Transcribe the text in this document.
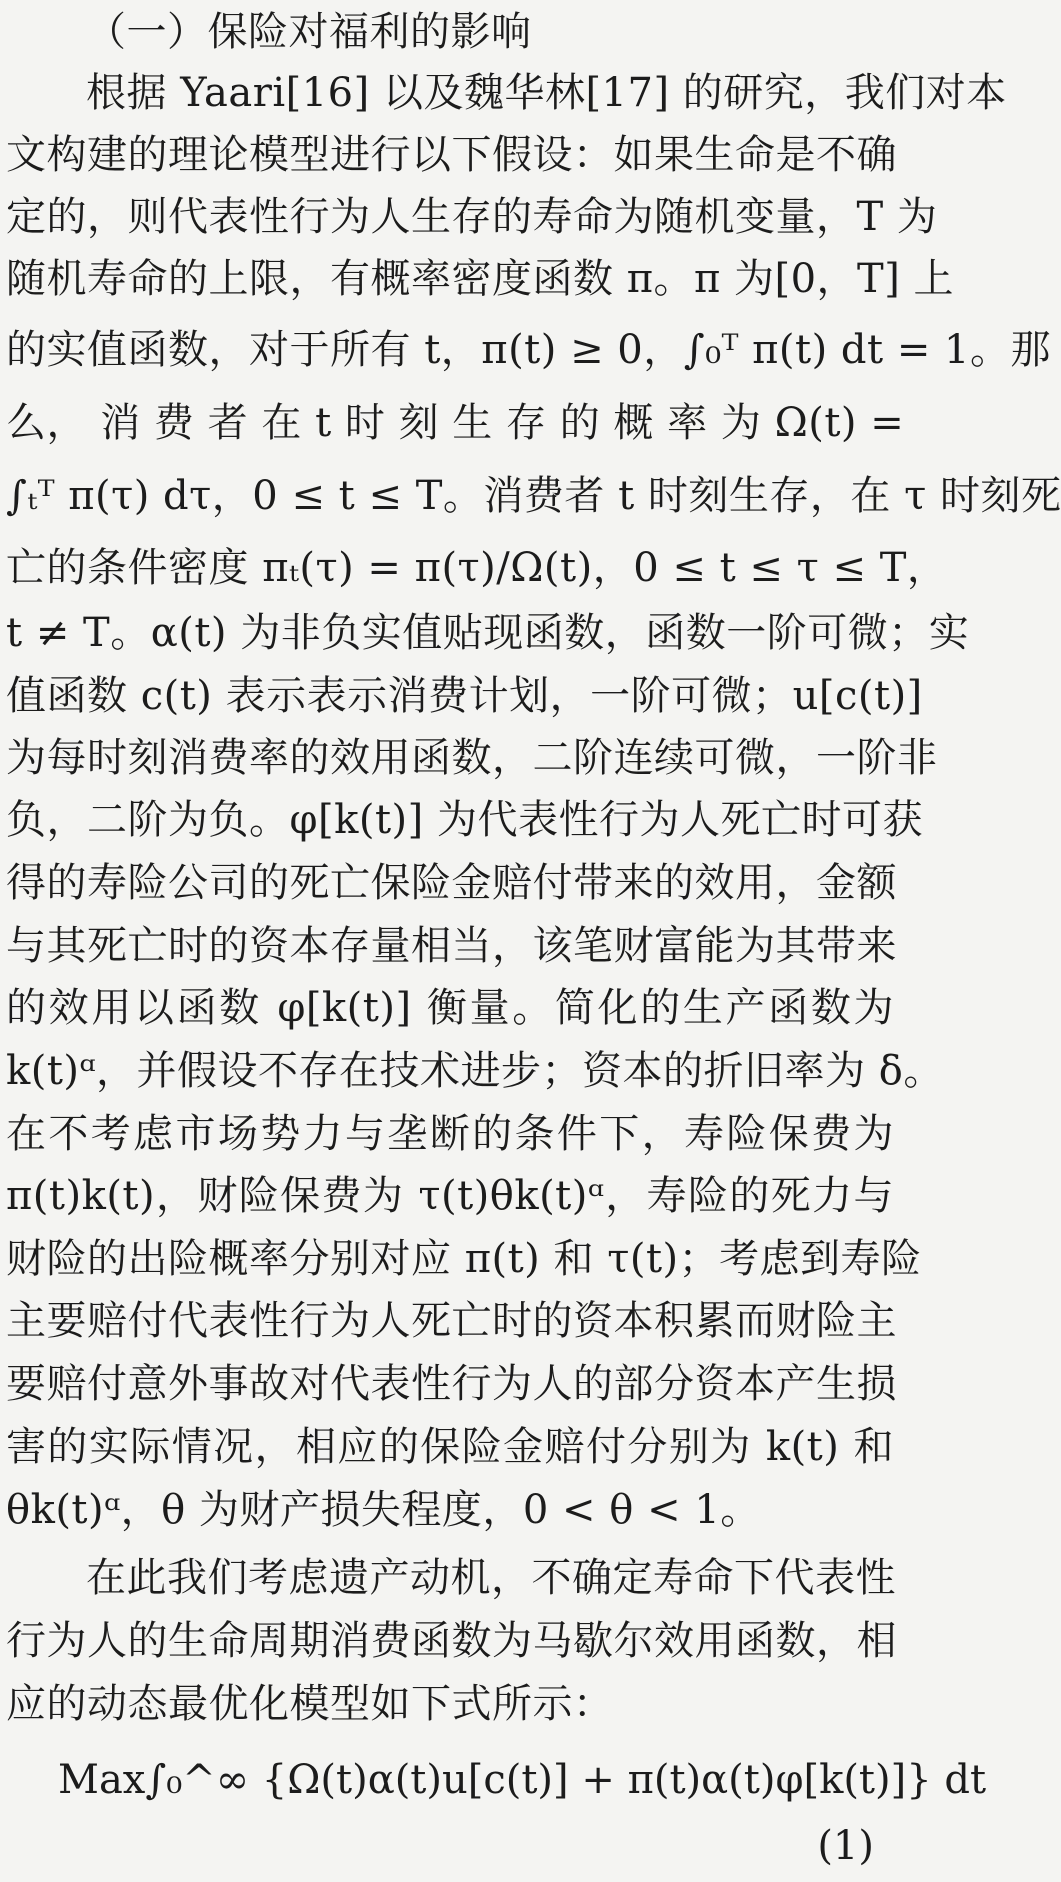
（一）保险对福利的影响
根据 Yaari[16] 以及魏华林[17] 的研究，我们对本
文构建的理论模型进行以下假设：如果生命是不确
定的，则代表性行为人生存的寿命为随机变量，T 为
随机寿命的上限，有概率密度函数 π。π 为[0，T] 上
的实值函数，对于所有 t，π(t) ≥ 0，∫₀ᵀ π(t) dt = 1。那
么， 消 费 者 在 t 时 刻 生 存 的 概 率 为 Ω(t) =
∫ₜᵀ π(τ) dτ，0 ≤ t ≤ T。消费者 t 时刻生存，在 τ 时刻死
亡的条件密度 πₜ(τ) = π(τ)/Ω(t)，0 ≤ t ≤ τ ≤ T，
t ≠ T。α(t) 为非负实值贴现函数，函数一阶可微；实
值函数 c(t) 表示表示消费计划，一阶可微；u[c(t)]
为每时刻消费率的效用函数，二阶连续可微，一阶非
负，二阶为负。φ[k(t)] 为代表性行为人死亡时可获
得的寿险公司的死亡保险金赔付带来的效用，金额
与其死亡时的资本存量相当，该笔财富能为其带来
的效用以函数 φ[k(t)] 衡量。简化的生产函数为
k(t)ᵅ，并假设不存在技术进步；资本的折旧率为 δ。
在不考虑市场势力与垄断的条件下，寿险保费为
π(t)k(t)，财险保费为 τ(t)θk(t)ᵅ，寿险的死力与
财险的出险概率分别对应 π(t) 和 τ(t)；考虑到寿险
主要赔付代表性行为人死亡时的资本积累而财险主
要赔付意外事故对代表性行为人的部分资本产生损
害的实际情况，相应的保险金赔付分别为 k(t) 和
θk(t)ᵅ，θ 为财产损失程度，0 < θ < 1。
在此我们考虑遗产动机，不确定寿命下代表性
行为人的生命周期消费函数为马歇尔效用函数，相
应的动态最优化模型如下式所示：
Max∫₀^∞ {Ω(t)α(t)u[c(t)] + π(t)α(t)φ[k(t)]} dt
(1)
